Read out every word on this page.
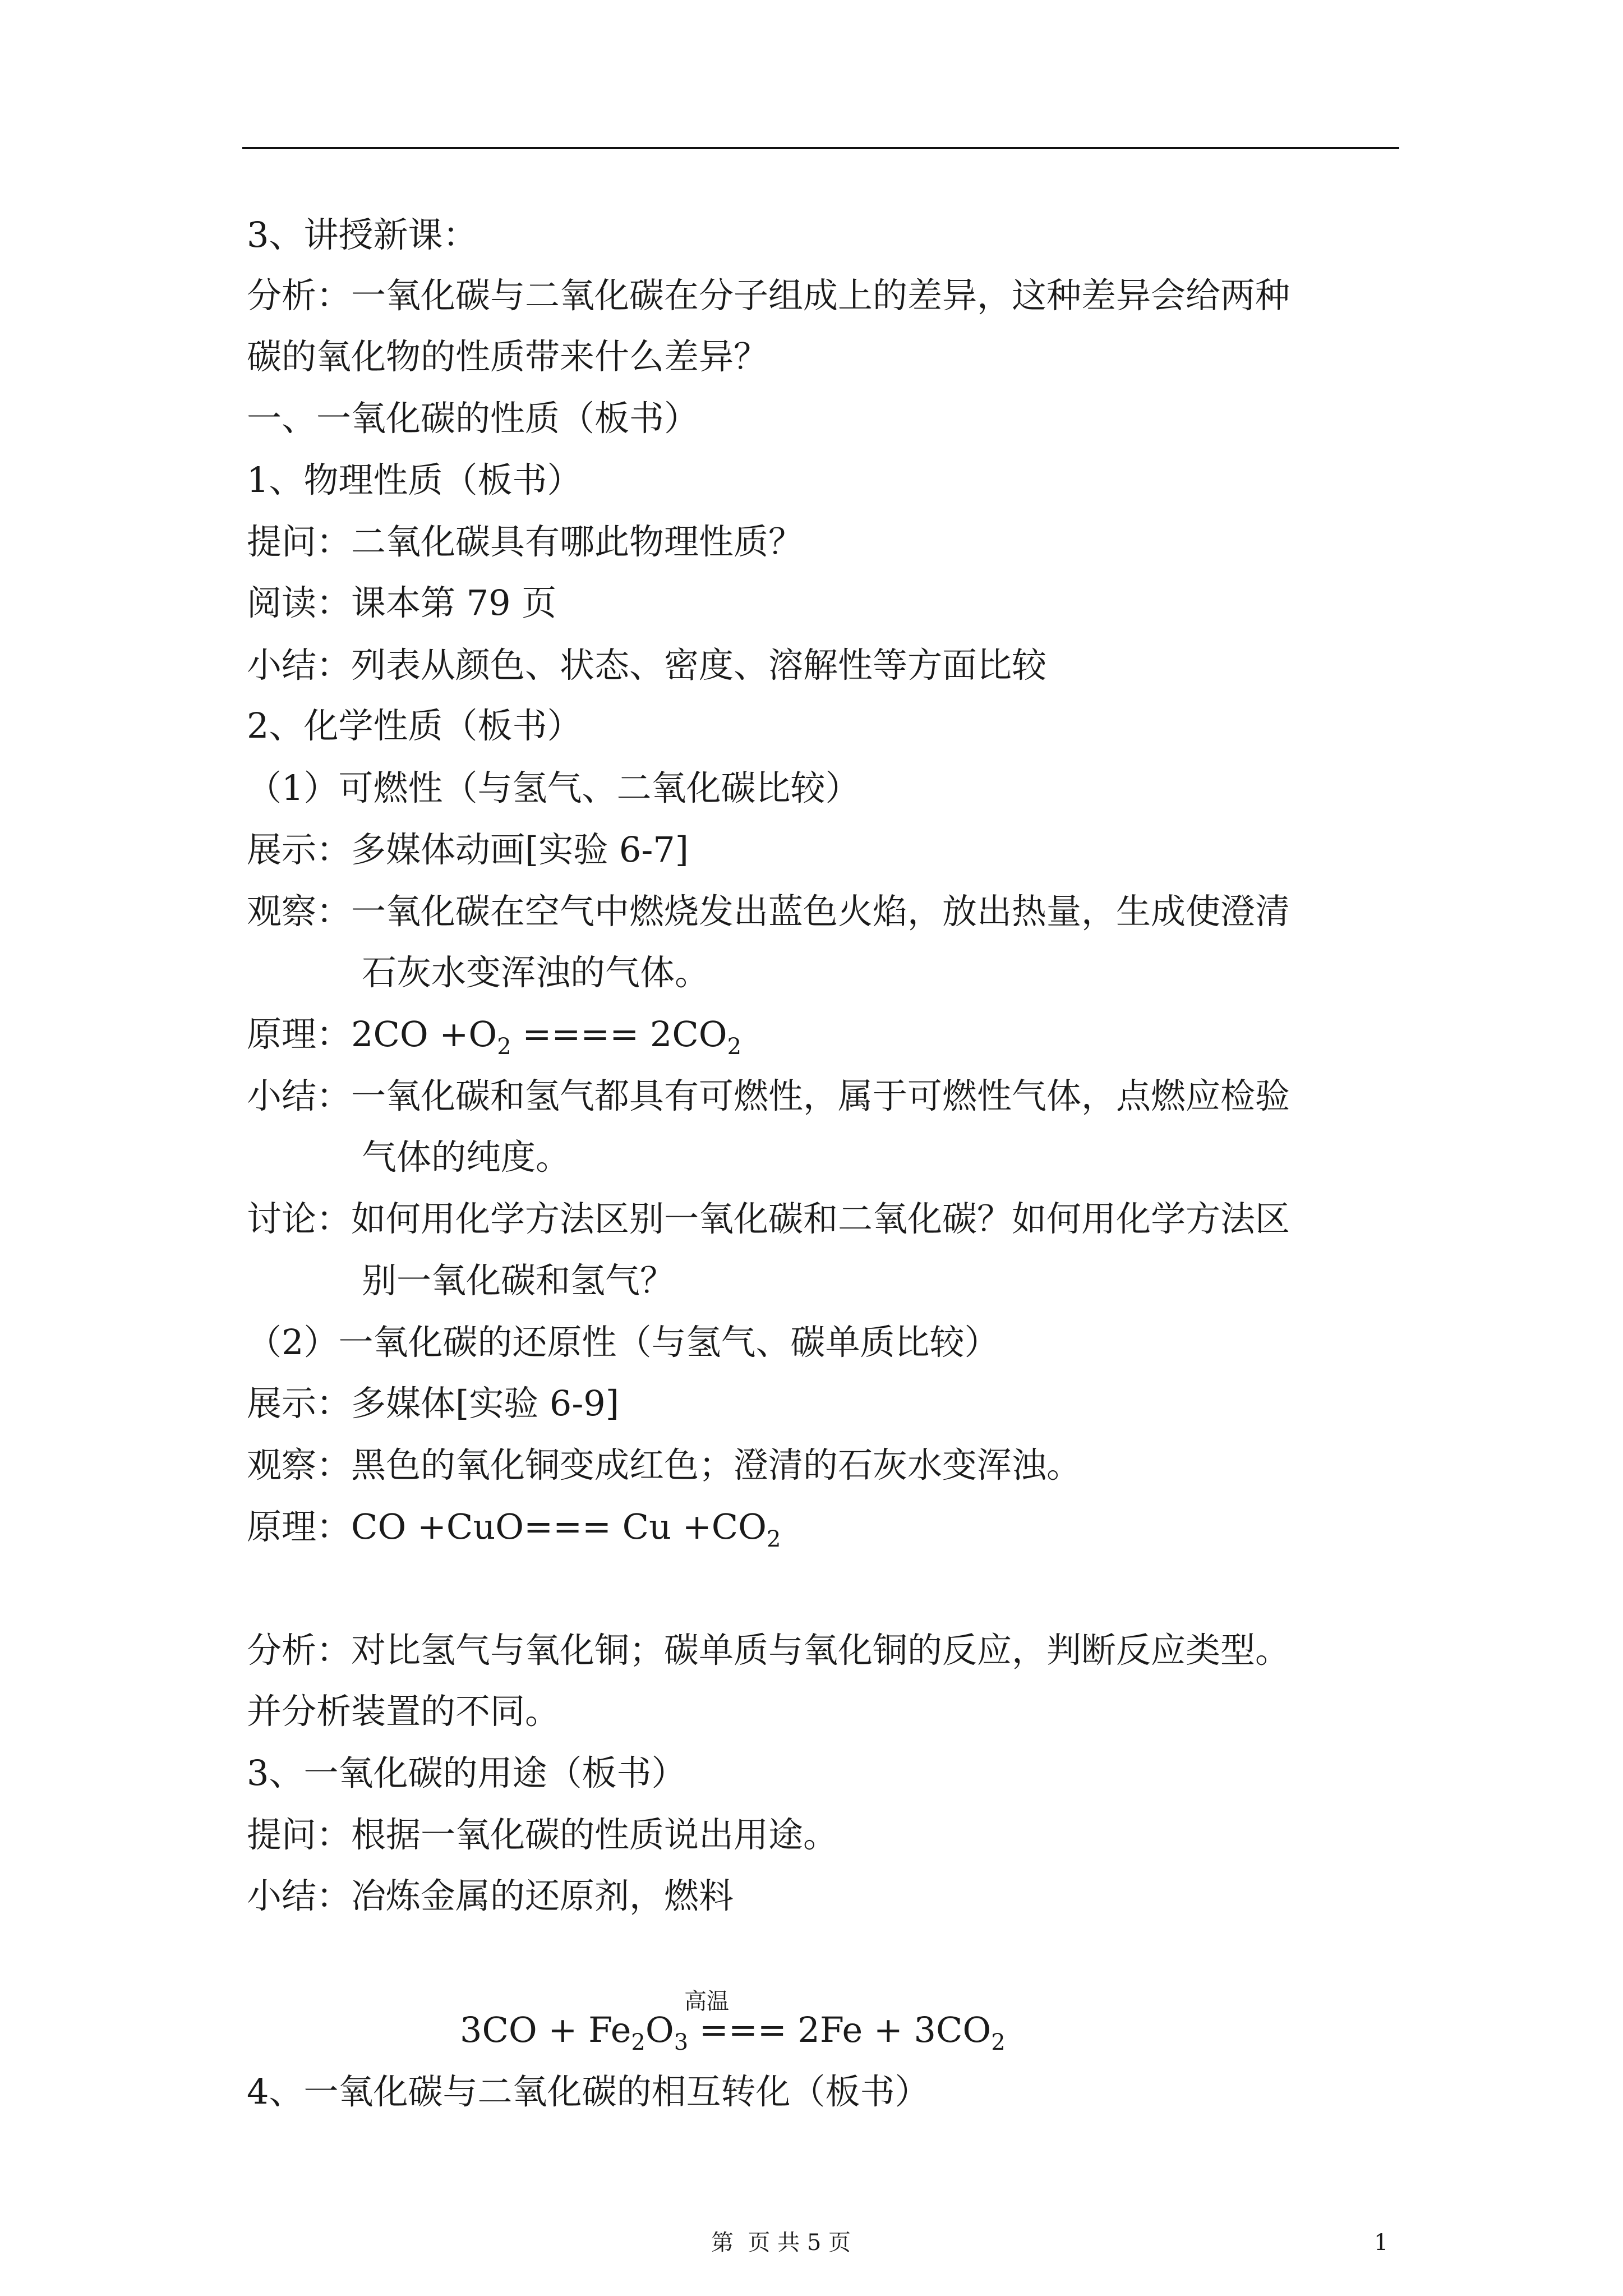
3、讲授新课：
分析：一氧化碳与二氧化碳在分子组成上的差异，这种差异会给两种
碳的氧化物的性质带来什么差异？
一、一氧化碳的性质（板书）
1、物理性质（板书）
提问：二氧化碳具有哪此物理性质？
阅读：课本第 79 页
小结：列表从颜色、状态、密度、溶解性等方面比较
2、化学性质（板书）
（1）可燃性（与氢气、二氧化碳比较）
展示：多媒体动画[实验 6-7]
观察：一氧化碳在空气中燃烧发出蓝色火焰，放出热量，生成使澄清
石灰水变浑浊的气体。
原理：$2CO +O_2$ ==== $2CO_2$
小结：一氧化碳和氢气都具有可燃性，属于可燃性气体，点燃应检验
气体的纯度。
讨论：如何用化学方法区别一氧化碳和二氧化碳？如何用化学方法区
别一氧化碳和氢气？
（2）一氧化碳的还原性（与氢气、碳单质比较）
展示：多媒体[实验 6-9]
观察：黑色的氧化铜变成红色；澄清的石灰水变浑浊。
原理：CO $+CuO=== Cu +CO_2$
分析：对比氢气与氧化铜；碳单质与氧化铜的反应，判断反应类型。
并分析装置的不同。
3、一氧化碳的用途（板书）
提问：根据一氧化碳的性质说出用途。
小结：冶炼金属的还原剂，燃料
高温
$3CO + Fe_2O_3$ === $2Fe + 3CO_2$
4、一氧化碳与二氧化碳的相互转化（板书）
第  页 共 5 页	1
